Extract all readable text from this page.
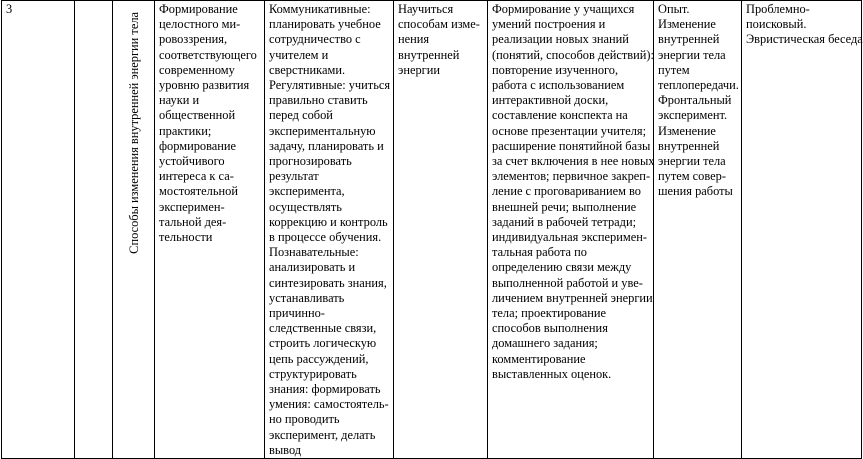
3		Способы изменения внутренней энергии тела	
Формирование
целостного ми-
ровоззрения,
соответствующего
современному
уровню развития
науки и
общественной
практики;
формирование
устойчивого
интереса к са-
мостоятельной
эксперимен-
тальной дея-
тельности

Коммуникативные:
планировать учебное
сотрудничество с
учителем и
сверстниками.
Регулятивные: учиться
правильно ставить
перед собой
экспериментальную
задачу, планировать и
прогнозировать
результат
эксперимента,
осуществлять
коррекцию и контроль
в процессе обучения.
Познавательные:
анализировать и
синтезировать знания,
устанавливать
причинно-
следственные связи,
строить логическую
цепь рассуждений,
структурировать
знания: формировать
умения: самостоятель-
но проводить
эксперимент, делать
вывод

Научиться
способам изме-
нения
внутренней
энергии

Формирование у учащихся
умений построения и
реализации новых знаний
(понятий, способов действий):
повторение изученного,
работа с использованием
интерактивной доски,
составление конспекта на
основе презентации учителя;
расширение понятийной базы
за счет включения в нее новых
элементов; первичное закреп-
ление с проговариванием во
внешней речи; выполнение
заданий в рабочей тетради;
индивидуальная эксперимен-
тальная работа по
определению связи между
выполненной работой и уве-
личением внутренней энергии
тела; проектирование
способов выполнения
домашнего задания;
комментирование
выставленных оценок.

Опыт.
Изменение
внутренней
энергии тела
путем
теплопередачи.
Фронтальный
эксперимент.
Изменение
внутренней
энергии тела
путем совер-
шения работы

Проблемно-
поисковый.
Эвристическая беседа
